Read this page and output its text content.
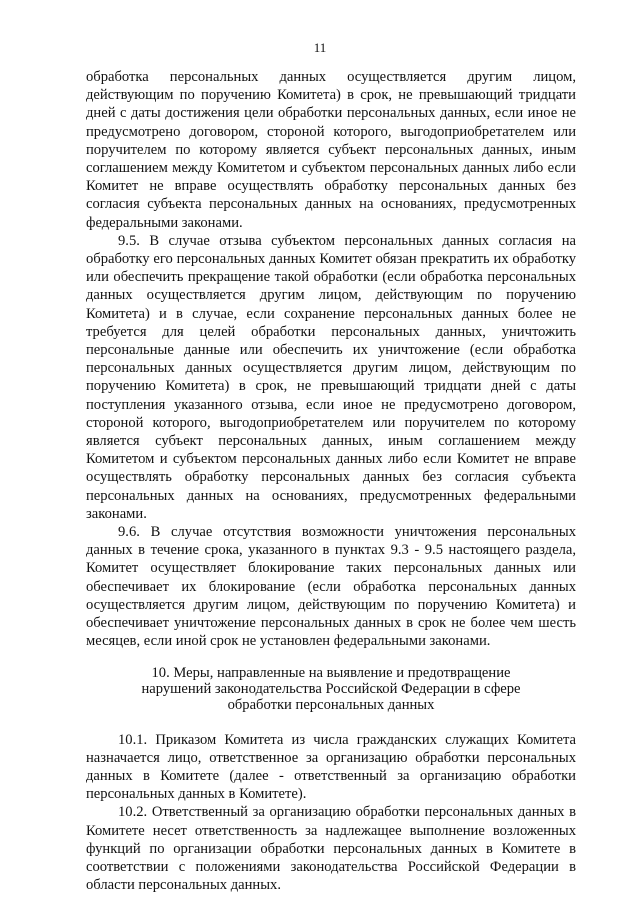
11

обработка персональных данных осуществляется другим лицом, действующим по поручению Комитета) в срок, не превышающий тридцати дней с даты достижения цели обработки персональных данных, если иное не предусмотрено договором, стороной которого, выгодоприобретателем или поручителем по которому является субъект персональных данных, иным соглашением между Комитетом и субъектом персональных данных либо если Комитет не вправе осуществлять обработку персональных данных без согласия субъекта персональных данных на основаниях, предусмотренных федеральными законами.

9.5. В случае отзыва субъектом персональных данных согласия на обработку его персональных данных Комитет обязан прекратить их обработку или обеспечить прекращение такой обработки (если обработка персональных данных осуществляется другим лицом, действующим по поручению Комитета) и в случае, если сохранение персональных данных более не требуется для целей обработки персональных данных, уничтожить персональные данные или обеспечить их уничтожение (если обработка персональных данных осуществляется другим лицом, действующим по поручению Комитета) в срок, не превышающий тридцати дней с даты поступления указанного отзыва, если иное не предусмотрено договором, стороной которого, выгодоприобретателем или поручителем по которому является субъект персональных данных, иным соглашением между Комитетом и субъектом персональных данных либо если Комитет не вправе осуществлять обработку персональных данных без согласия субъекта персональных данных на основаниях, предусмотренных федеральными законами.

9.6. В случае отсутствия возможности уничтожения персональных данных в течение срока, указанного в пунктах 9.3 - 9.5 настоящего раздела, Комитет осуществляет блокирование таких персональных данных или обеспечивает их блокирование (если обработка персональных данных осуществляется другим лицом, действующим по поручению Комитета) и обеспечивает уничтожение персональных данных в срок не более чем шесть месяцев, если иной срок не установлен федеральными законами.

10. Меры, направленные на выявление и предотвращение
нарушений законодательства Российской Федерации в сфере
обработки персональных данных

10.1. Приказом Комитета из числа гражданских служащих Комитета назначается лицо, ответственное за организацию обработки персональных данных в Комитете (далее - ответственный за организацию обработки персональных данных в Комитете).

10.2. Ответственный за организацию обработки персональных данных в Комитете несет ответственность за надлежащее выполнение возложенных функций по организации обработки персональных данных в Комитете в соответствии с положениями законодательства Российской Федерации в области персональных данных.
